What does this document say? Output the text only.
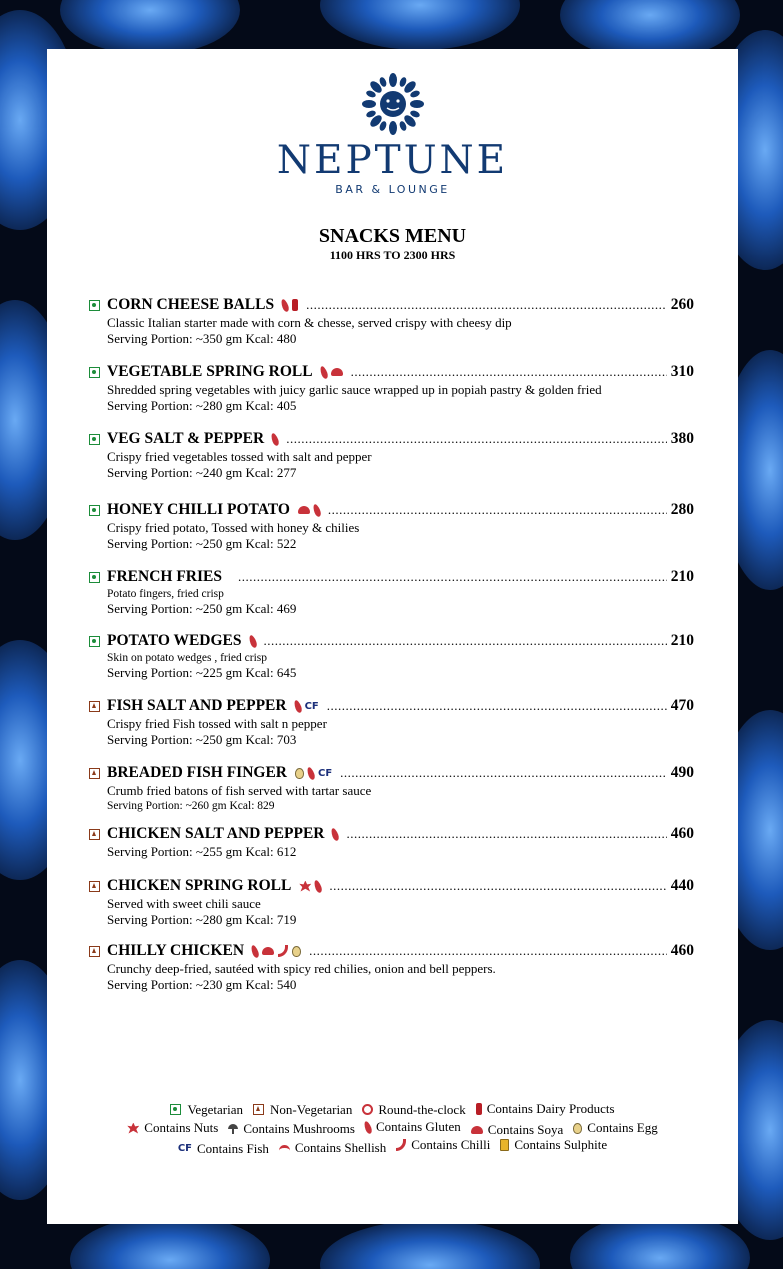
NEPTUNE
BAR & LOUNGE
SNACKS MENU
1100 HRS TO 2300 HRS
CORN CHEESE BALLS .....	260
Classic Italian starter made with corn & chesse, served crispy with cheesy dip
Serving Portion: ~350 gm Kcal: 480
VEGETABLE SPRING ROLL .....	310
Shredded spring vegetables with juicy garlic sauce wrapped up in popiah pastry & golden fried
Serving Portion: ~280 gm Kcal: 405
VEG SALT & PEPPER .....	380
Crispy fried vegetables tossed with salt and pepper
Serving Portion: ~240 gm Kcal: 277
HONEY CHILLI POTATO .....	280
Crispy fried potato, Tossed with honey & chilies
Serving Portion: ~250 gm Kcal: 522
FRENCH FRIES .....	210
Potato fingers, fried crisp
Serving Portion: ~250 gm Kcal: 469
POTATO WEDGES .....	210
Skin on potato wedges , fried crisp
Serving Portion: ~225 gm Kcal: 645
FISH SALT AND PEPPER CF .....	470
Crispy fried Fish tossed with salt n pepper
Serving Portion: ~250 gm Kcal: 703
BREADED FISH FINGER	CF .....	490
Crumb fried batons of fish served with tartar sauce
Serving Portion: ~260 gm Kcal: 829
CHICKEN SALT AND PEPPER .....	460
Serving Portion: ~255 gm Kcal: 612
CHICKEN SPRING ROLL .....	440
Served with sweet chili sauce
Serving Portion: ~280 gm Kcal: 719
CHILLY CHICKEN .....	460
Crunchy deep-fried, sautéed with spicy red chilies, onion and bell peppers.
Serving Portion: ~230 gm Kcal: 540
Vegetarian Non-Vegetarian Round-the-clock Contains Dairy Products
Contains Nuts Contains Mushrooms Contains Gluten Contains Soya Contains Egg
CF Contains Fish Contains Shellish Contains Chilli Contains Sulphite
